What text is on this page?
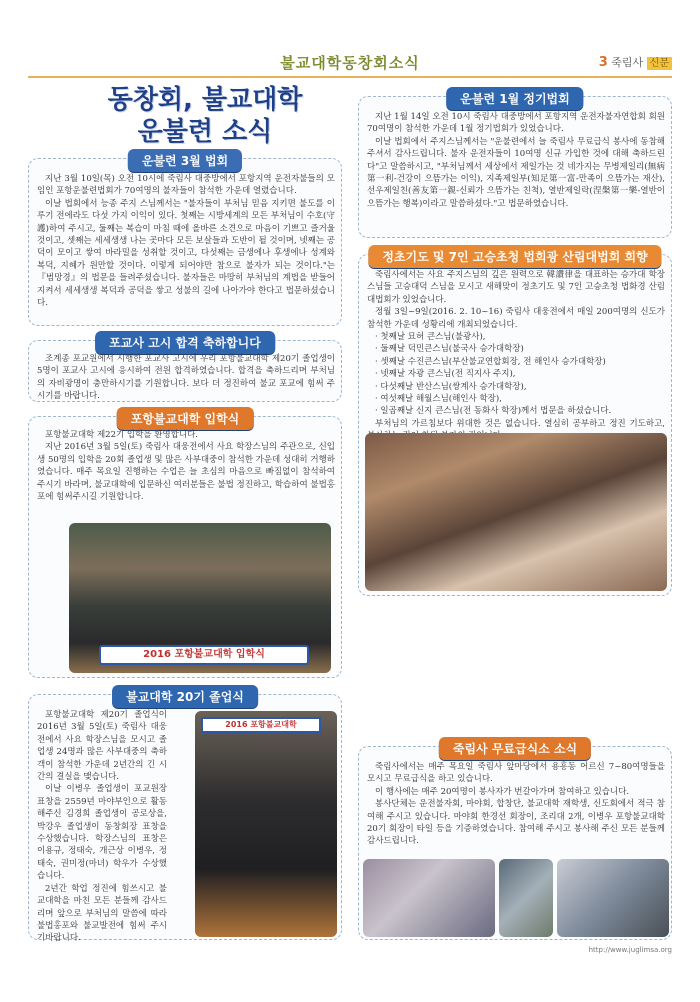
불교대학동창회소식	3 죽림사 신문
동창회, 불교대학
운불련 소식
운불련 3월 법회

지난 3월 10일(목) 오전 10시에 죽림사 대중방에서 포항지역 운전자불들의 모임인 포항운불련법회가 70여명의 불자들이 참석한 가운데 열렸습니다.

이날 법회에서 능종 주지 스님께서는 "불자들이 부처님 믿음 지키면 불도를 이루기 전에라도 다섯 가지 이익이 있다. 첫째는 시방세계의 모든 부처님이 수호(守護)하여 주시고, 둘째는 복습이 마침 때에 올바른 소견으로 마음이 기쁘고 즐거울 것이고, 셋째는 세세생생 나는 곳마다 모든 보살들과 도반이 될 것이며, 넷째는 공덕이 모이고 쌓여 바라밀을 성취할 것이고, 다섯째는 금생에나 후생에나 성계와 복덕, 지혜가 원만할 것이다. 이렇게 되어야만 참으로 불자가 되는 것이다."는 『범망경』의 법문을 들려주셨습니다. 불자들은 마땅히 부처님의 계법을 받들어 지켜서 세세생생 복덕과 공덕을 쌓고 성불의 길에 나아가야 한다고 법문하셨습니다.

포교사 고시 합격 축하합니다

조계종 포교원에서 시행한 포교사 고시에 우리 포항불교대학 제20기 졸업생이 5명이 포교사 고시에 응시하여 전원 합격하였습니다. 합격을 축하드리며 부처님의 자비광명이 충만하시기를 기원합니다. 보다 더 정진하여 불교 포교에 힘써 주시기를 바랍니다.

포항불교대학 입학식

포항불교대학 제22기 입학을 환영합니다.

지난 2016년 3월 5일(토) 죽림사 대웅전에서 사요 학장스님의 주관으로, 신입생 50명의 입학을 20회 졸업생 및 많은 사부대중이 참석한 가운데 성대히 거행하였습니다. 매주 목요일 진행하는 수업은 늘 초심의 마음으로 빠짐없이 참석하여 주시기 바라며, 불교대학에 입문하신 여러분들은 불법 정진하고, 학습하여 불법홍포에 힘써주시길 기원합니다.

2016 포항불교대학 입학식
불교대학 20기 졸업식

포항불교대학 제20기 졸업식이 2016년 3월 5일(토) 죽림사 대웅전에서 사요 학장스님을 모시고 졸업생 24명과 많은 사부대중의 축하객이 참석한 가운데 2년간의 긴 시간의 결실을 맺습니다.

이날 이병우 졸업생이 포교원장 표창을 2559년 마야부인으로 활동해주신 김경희 졸업생이 공로상을, 박강우 졸업생이 동창회장 표창을 수상했습니다. 학장스님의 표창은 이용규, 정태숙, 개근상 이병우, 정태숙, 권미정(마녀) 학우가 수상했습니다.

2년간 학업 정진에 힘쓰시고 불교대학을 마친 모든 분들께 감사드리며 앞으로 부처님의 말씀에 따라 불법홍포와 불교발전에 힘써 주시기바랍니다.

2016 포항불교대학
운불련 1월 정기법회

지난 1월 14일 오전 10시 죽림사 대중방에서 포항지역 운전자불자연합회 회원 70여명이 참석한 가운데 1월 정기법회가 있었습니다.

이날 법회에서 주지스님께서는 "운불련에서 늘 죽림사 무료급식 봉사에 동참해 주셔서 감사드립니다. 불자 운전자들이 10여명 신규 가입한 것에 대해 축하드린다"고 말씀하시고, "부처님께서 세상에서 제일가는 것 네가지는 무병제일리(無病第一利-건강이 으뜸가는 이익), 지족제일부(知足第一富-만족이 으뜸가는 재산), 선우제일친(善友第一親-신뢰가 으뜸가는 친척), 열반제일락(涅槃第一樂-열반이 으뜸가는 행복)이라고 말씀하셨다."고 법문하였습니다.

정초기도 및 7인 고승초청 법회광 산림대법회 회향

죽림사에서는 사요 주지스님의 깊은 원력으로 韓讚律을 대표하는 승가대 학장스님들 고승대덕 스님을 모시고 새해맞이 정초기도 및 7인 고승초청 법화경 산림대법회가 있었습니다.

정월 3일~9일(2016. 2. 10~16) 죽림사 대웅전에서 매일 200여명의 신도가 참석한 가운데 성황리에 개최되었습니다.

· 첫째날 묘허 큰스님(불광사),
· 둘째날 덕민큰스님(불국사 승가대학장)
· 셋째날 수진큰스님(부산불교연합회장, 전 해인사 승가대학장)
· 넷째날 자광 큰스님(전 직지사 주지),
· 다섯째날 반산스님(쌍계사 승가대학장),
· 여섯째날 해월스님(해인사 학장),
· 일곱째날 신지 큰스님(전 동화사 학장)께서 법문을 하셨습니다.

부처님의 가르침보다 위대한 것은 없습니다. 열심히 공부하고 정진 기도하고,

죽림사 무료급식소 소식

죽림사에서는 매주 목요일 죽림사 앞마당에서 용흥동 어르신 7~80여명들을 모시고 무료급식을 하고 있습니다.

이 행사에는 매주 20여명이 봉사자가 번갈아가며 참여하고 있습니다.

봉사단체는 운전불자회, 마야회, 합창단, 불교대학 재학생, 신도회에서 적극 참여해 주시고 있습니다. 마야회 한경선 회장이, 조리대 2개, 이병우 포항불교대학 20기 회장이 타일 등을 기증하였습니다. 참여해 주시고 봉사해 주신 모든 분들께 감사드립니다.

http://www.juglimsa.org
